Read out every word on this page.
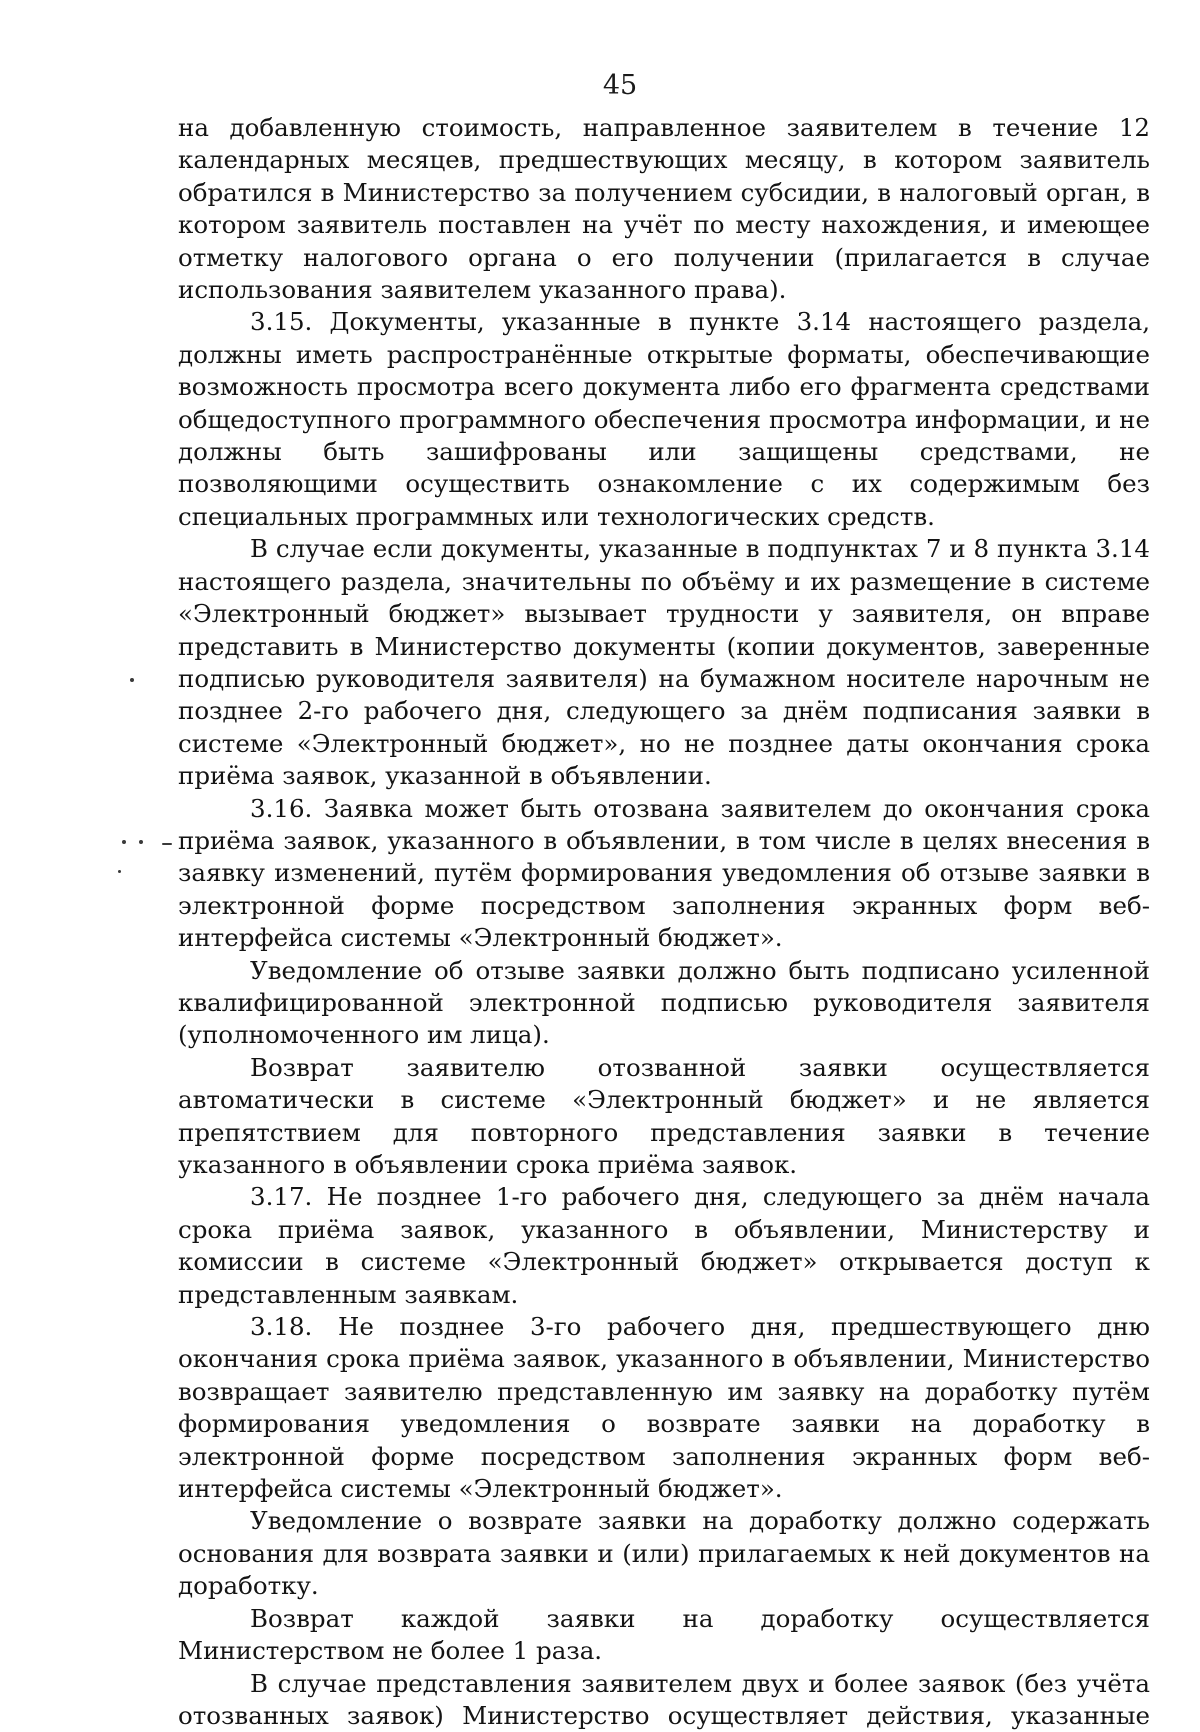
45

на добавленную стоимость, направленное заявителем в течение 12 календарных месяцев, предшествующих месяцу, в котором заявитель обратился в Министерство за получением субсидии, в налоговый орган, в котором заявитель поставлен на учёт по месту нахождения, и имеющее отметку налогового органа о его получении (прилагается в случае использования заявителем указанного права).

3.15. Документы, указанные в пункте 3.14 настоящего раздела, должны иметь распространённые открытые форматы, обеспечивающие возможность просмотра всего документа либо его фрагмента средствами общедоступного программного обеспечения просмотра информации, и не должны быть зашифрованы или защищены средствами, не позволяющими осуществить ознакомление с их содержимым без специальных программных или технологических средств.

В случае если документы, указанные в подпунктах 7 и 8 пункта 3.14 настоящего раздела, значительны по объёму и их размещение в системе «Электронный бюджет» вызывает трудности у заявителя, он вправе представить в Министерство документы (копии документов, заверенные подписью руководителя заявителя) на бумажном носителе нарочным не позднее 2-го рабочего дня, следующего за днём подписания заявки в системе «Электронный бюджет», но не позднее даты окончания срока приёма заявок, указанной в объявлении.

3.16. Заявка может быть отозвана заявителем до окончания срока приёма заявок, указанного в объявлении, в том числе в целях внесения в заявку изменений, путём формирования уведомления об отзыве заявки в электронной форме посредством заполнения экранных форм веб-интерфейса системы «Электронный бюджет».

Уведомление об отзыве заявки должно быть подписано усиленной квалифицированной электронной подписью руководителя заявителя (уполномоченного им лица).

Возврат заявителю отозванной заявки осуществляется автоматически в системе «Электронный бюджет» и не является препятствием для повторного представления заявки в течение указанного в объявлении срока приёма заявок.

3.17. Не позднее 1-го рабочего дня, следующего за днём начала срока приёма заявок, указанного в объявлении, Министерству и комиссии в системе «Электронный бюджет» открывается доступ к представленным заявкам.

3.18. Не позднее 3-го рабочего дня, предшествующего дню окончания срока приёма заявок, указанного в объявлении, Министерство возвращает заявителю представленную им заявку на доработку путём формирования уведомления о возврате заявки на доработку в электронной форме посредством заполнения экранных форм веб-интерфейса системы «Электронный бюджет».

Уведомление о возврате заявки на доработку должно содержать основания для возврата заявки и (или) прилагаемых к ней документов на доработку.

Возврат каждой заявки на доработку осуществляется Министерством не более 1 раза.

В случае представления заявителем двух и более заявок (без учёта отозванных заявок) Министерство осуществляет действия, указанные
